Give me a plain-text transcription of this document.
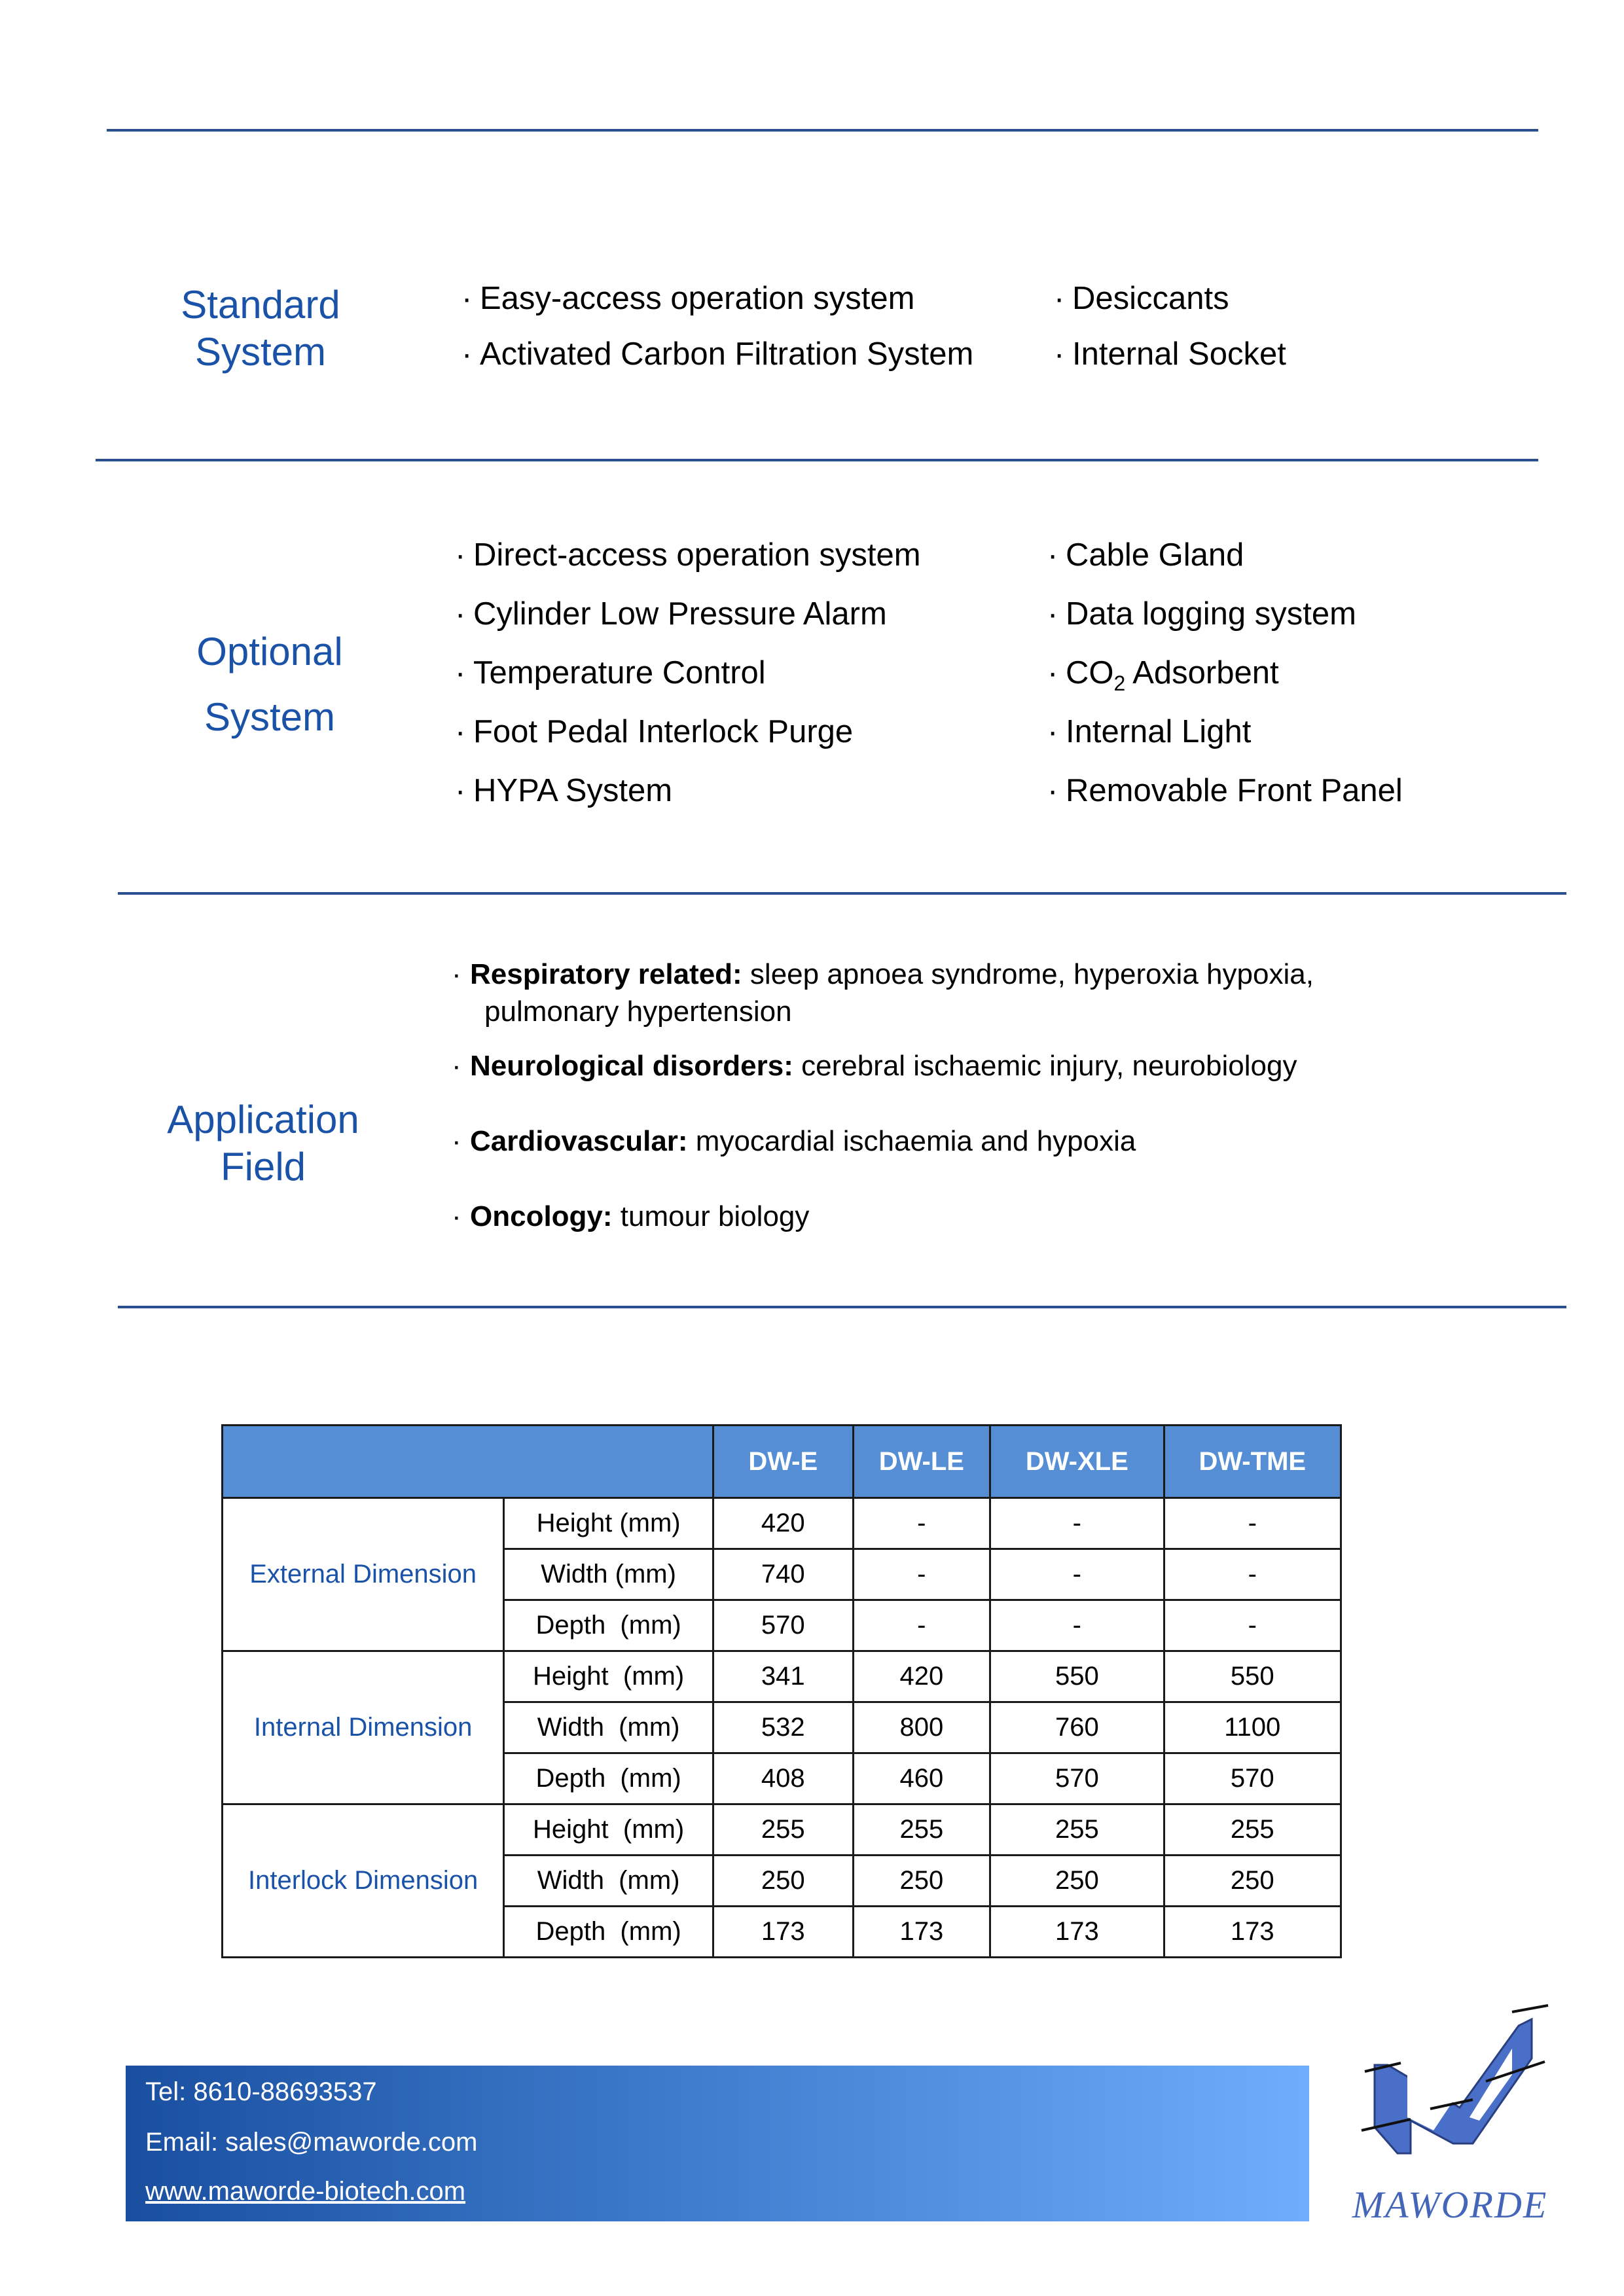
Standard
System
· Easy-access operation system
· Activated Carbon Filtration System
· Desiccants
· Internal Socket
Optional
System
· Direct-access operation system
· Cylinder Low Pressure Alarm
· Temperature Control
· Foot Pedal Interlock Purge
· HYPA System
· Cable Gland
· Data logging system
· $CO_2$ Adsorbent
· Internal Light
· Removable Front Panel
Application
Field
· Respiratory related: sleep apnoea syndrome, hyperoxia hypoxia,
pulmonary hypertension
· Neurological disorders: cerebral ischaemic injury, neurobiology
· Cardiovascular: myocardial ischaemia and hypoxia
· Oncology: tumour biology
		DW-E	DW-LE	DW-XLE	DW-TME
External Dimension	Height (mm)	420	-	-	-
	Width (mm)	740	-	-	-
	Depth  (mm)	570	-	-	-
Internal Dimension	Height  (mm)	341	420	550	550
	Width  (mm)	532	800	760	1100
	Depth  (mm)	408	460	570	570
Interlock Dimension	Height  (mm)	255	255	255	255
	Width  (mm)	250	250	250	250
	Depth  (mm)	173	173	173	173
Tel: 8610-88693537
Email: sales@maworde.com
www.maworde-biotech.com	MAWORDE
